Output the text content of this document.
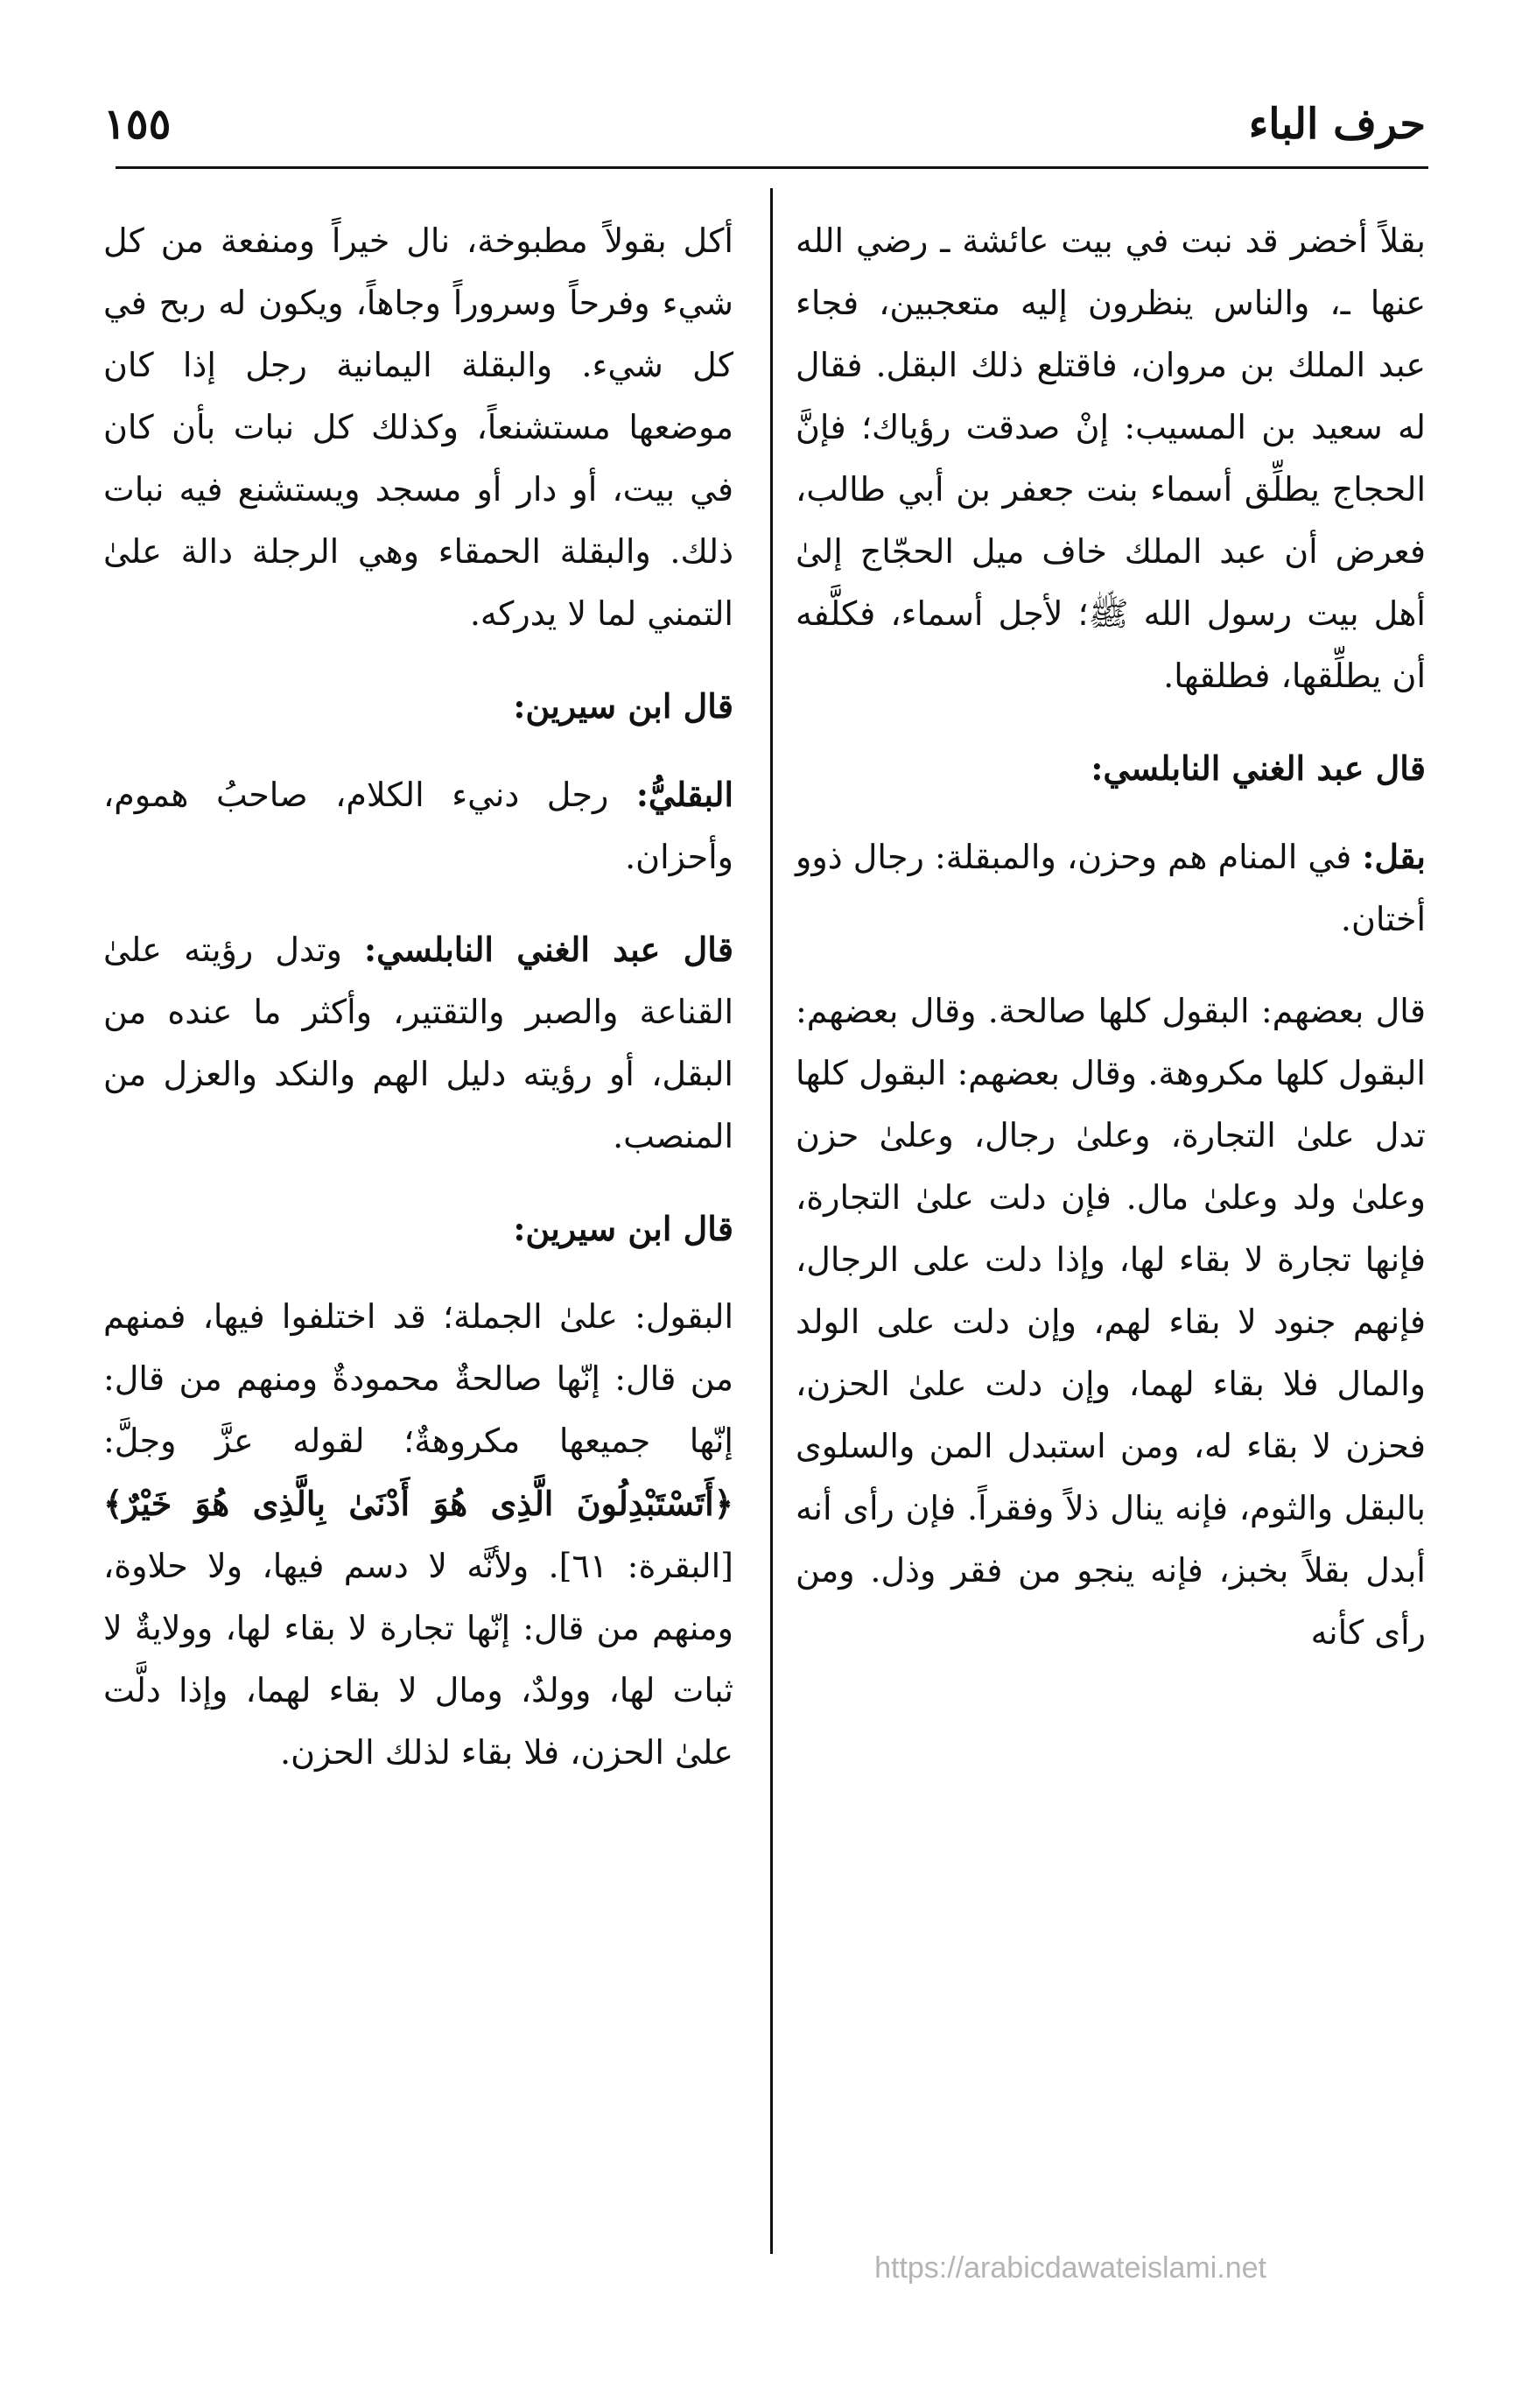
حرف الباء
١٥٥

بقلاً أخضر قد نبت في بيت عائشة ـ رضي الله عنها ـ، والناس ينظرون إليه متعجبين، فجاء عبد الملك بن مروان، فاقتلع ذلك البقل. فقال له سعيد بن المسيب: إنْ صدقت رؤياك؛ فإنَّ الحجاج يطلِّق أسماء بنت جعفر بن أبي طالب، فعرض أن عبد الملك خاف ميل الحجّاج إلىٰ أهل بيت رسول الله ﷺ؛ لأجل أسماء، فكلَّفه أن يطلِّقها، فطلقها.

قال عبد الغني النابلسي:

بقل: في المنام هم وحزن، والمبقلة: رجال ذوو أختان.

قال بعضهم: البقول كلها صالحة. وقال بعضهم: البقول كلها مكروهة. وقال بعضهم: البقول كلها تدل علىٰ التجارة، وعلىٰ رجال، وعلىٰ حزن وعلىٰ ولد وعلىٰ مال. فإن دلت علىٰ التجارة، فإنها تجارة لا بقاء لها، وإذا دلت على الرجال، فإنهم جنود لا بقاء لهم، وإن دلت على الولد والمال فلا بقاء لهما، وإن دلت علىٰ الحزن، فحزن لا بقاء له، ومن استبدل المن والسلوى بالبقل والثوم، فإنه ينال ذلاً وفقراً. فإن رأى أنه أبدل بقلاً بخبز، فإنه ينجو من فقر وذل. ومن رأى كأنه

أكل بقولاً مطبوخة، نال خيراً ومنفعة من كل شيء وفرحاً وسروراً وجاهاً، ويكون له ربح في كل شيء. والبقلة اليمانية رجل إذا كان موضعها مستشنعاً، وكذلك كل نبات بأن كان في بيت، أو دار أو مسجد ويستشنع فيه نبات ذلك. والبقلة الحمقاء وهي الرجلة دالة علىٰ التمني لما لا يدركه.

قال ابن سيرين:

البقليُّ: رجل دنيء الكلام، صاحبُ هموم، وأحزان.

قال عبد الغني النابلسي: وتدل رؤيته علىٰ القناعة والصبر والتقتير، وأكثر ما عنده من البقل، أو رؤيته دليل الهم والنكد والعزل من المنصب.

قال ابن سيرين:

البقول: علىٰ الجملة؛ قد اختلفوا فيها، فمنهم من قال: إنّها صالحةٌ محمودةٌ ومنهم من قال: إنّها جميعها مكروهةٌ؛ لقوله عزَّ وجلَّ: ﴿أَتَسْتَبْدِلُونَ الَّذِى هُوَ أَدْنَىٰ بِالَّذِى هُوَ خَيْرٌ﴾ [البقرة: ٦١]. ولأنَّه لا دسم فيها، ولا حلاوة، ومنهم من قال: إنّها تجارة لا بقاء لها، وولايةٌ لا ثبات لها، وولدٌ، ومال لا بقاء لهما، وإذا دلَّت علىٰ الحزن، فلا بقاء لذلك الحزن.

https://arabicdawateislami.net
